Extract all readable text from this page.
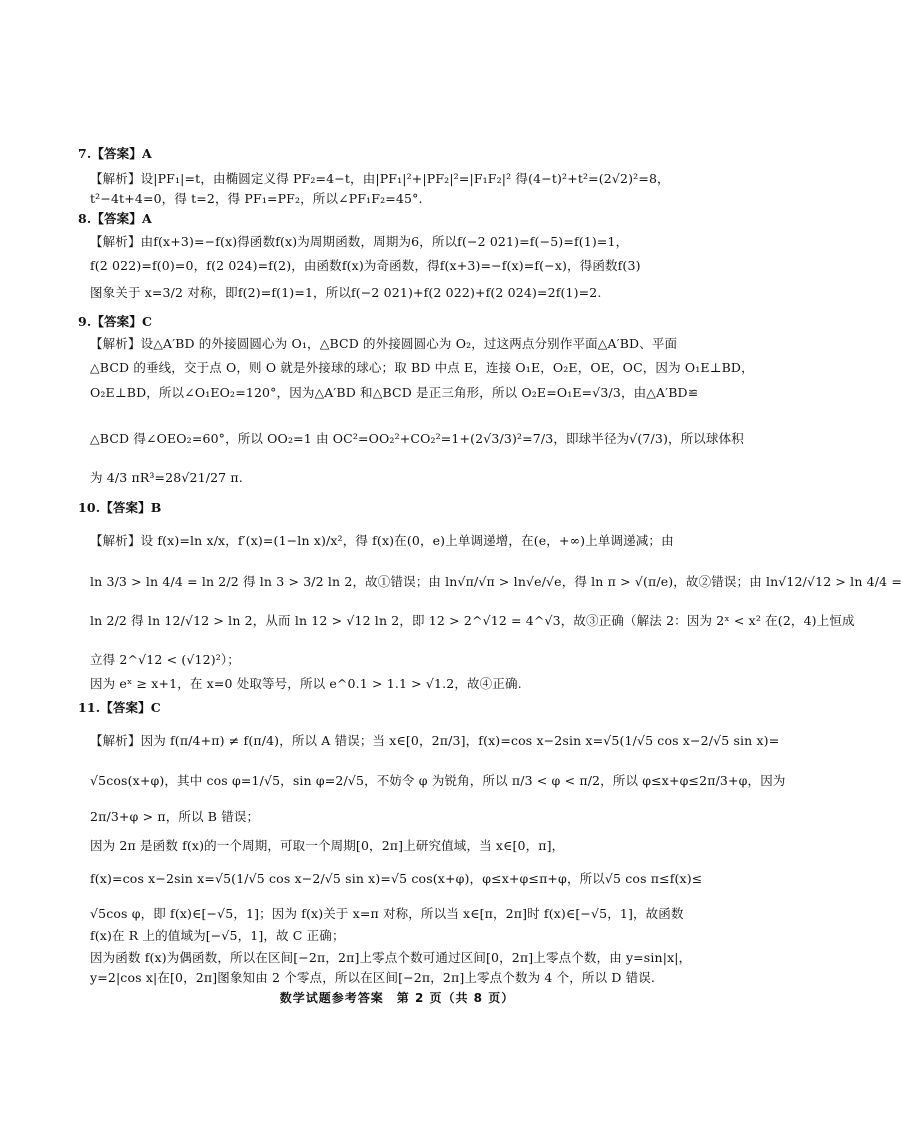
7.【答案】A
【解析】设|PF₁|=t，由椭圆定义得 PF₂=4−t，由|PF₁|²+|PF₂|²=|F₁F₂|² 得(4−t)²+t²=(2√2)²=8，
t²−4t+4=0，得 t=2，得 PF₁=PF₂，所以∠PF₁F₂=45°.
8.【答案】A
【解析】由f(x+3)=−f(x)得函数f(x)为周期函数，周期为6，所以f(−2 021)=f(−5)=f(1)=1，
f(2 022)=f(0)=0，f(2 024)=f(2)，由函数f(x)为奇函数，得f(x+3)=−f(x)=f(−x)，得函数f(3)
图象关于 x=3/2 对称，即f(2)=f(1)=1，所以f(−2 021)+f(2 022)+f(2 024)=2f(1)=2.
9.【答案】C
【解析】设△A′BD 的外接圆圆心为 O₁，△BCD 的外接圆圆心为 O₂，过这两点分别作平面△A′BD、平面
△BCD 的垂线，交于点 O，则 O 就是外接球的球心；取 BD 中点 E，连接 O₁E，O₂E，OE，OC，因为 O₁E⊥BD，
O₂E⊥BD，所以∠O₁EO₂=120°，因为△A′BD 和△BCD 是正三角形，所以 O₂E=O₁E=√3/3，由△A′BD≌
△BCD 得∠OEO₂=60°，所以 OO₂=1 由 OC²=OO₂²+CO₂²=1+(2√3/3)²=7/3，即球半径为√(7/3)，所以球体积
为 4/3 πR³=28√21/27 π.
10.【答案】B
【解析】设 f(x)=ln x/x，f′(x)=(1−ln x)/x²，得 f(x)在(0，e)上单调递增，在(e，+∞)上单调递减；由
ln 3/3 > ln 4/4 = ln 2/2 得 ln 3 > 3/2 ln 2，故①错误；由 ln√π/√π > ln√e/√e，得 ln π > √(π/e)，故②错误；由 ln√12/√12 > ln 4/4 =
ln 2/2 得 ln 12/√12 > ln 2，从而 ln 12 > √12 ln 2，即 12 > 2^√12 = 4^√3，故③正确（解法 2：因为 2ˣ < x² 在(2，4)上恒成
立得 2^√12 < (√12)²）；
因为 eˣ ≥ x+1，在 x=0 处取等号，所以 e^0.1 > 1.1 > √1.2，故④正确.
11.【答案】C
【解析】因为 f(π/4+π) ≠ f(π/4)，所以 A 错误；当 x∈[0，2π/3]，f(x)=cos x−2sin x=√5(1/√5 cos x−2/√5 sin x)=
√5cos(x+φ)，其中 cos φ=1/√5，sin φ=2/√5，不妨令 φ 为锐角，所以 π/3 < φ < π/2，所以 φ≤x+φ≤2π/3+φ，因为
2π/3+φ > π，所以 B 错误；
因为 2π 是函数 f(x)的一个周期，可取一个周期[0，2π]上研究值域，当 x∈[0，π]，
f(x)=cos x−2sin x=√5(1/√5 cos x−2/√5 sin x)=√5 cos(x+φ)，φ≤x+φ≤π+φ，所以√5 cos π≤f(x)≤
√5cos φ，即 f(x)∈[−√5，1]；因为 f(x)关于 x=π 对称，所以当 x∈[π，2π]时 f(x)∈[−√5，1]，故函数
f(x)在 R 上的值域为[−√5，1]，故 C 正确；
因为函数 f(x)为偶函数，所以在区间[−2π，2π]上零点个数可通过区间[0，2π]上零点个数，由 y=sin|x|，
y=2|cos x|在[0，2π]图象知由 2 个零点，所以在区间[−2π，2π]上零点个数为 4 个，所以 D 错误.
数学试题参考答案　第 2 页（共 8 页）
